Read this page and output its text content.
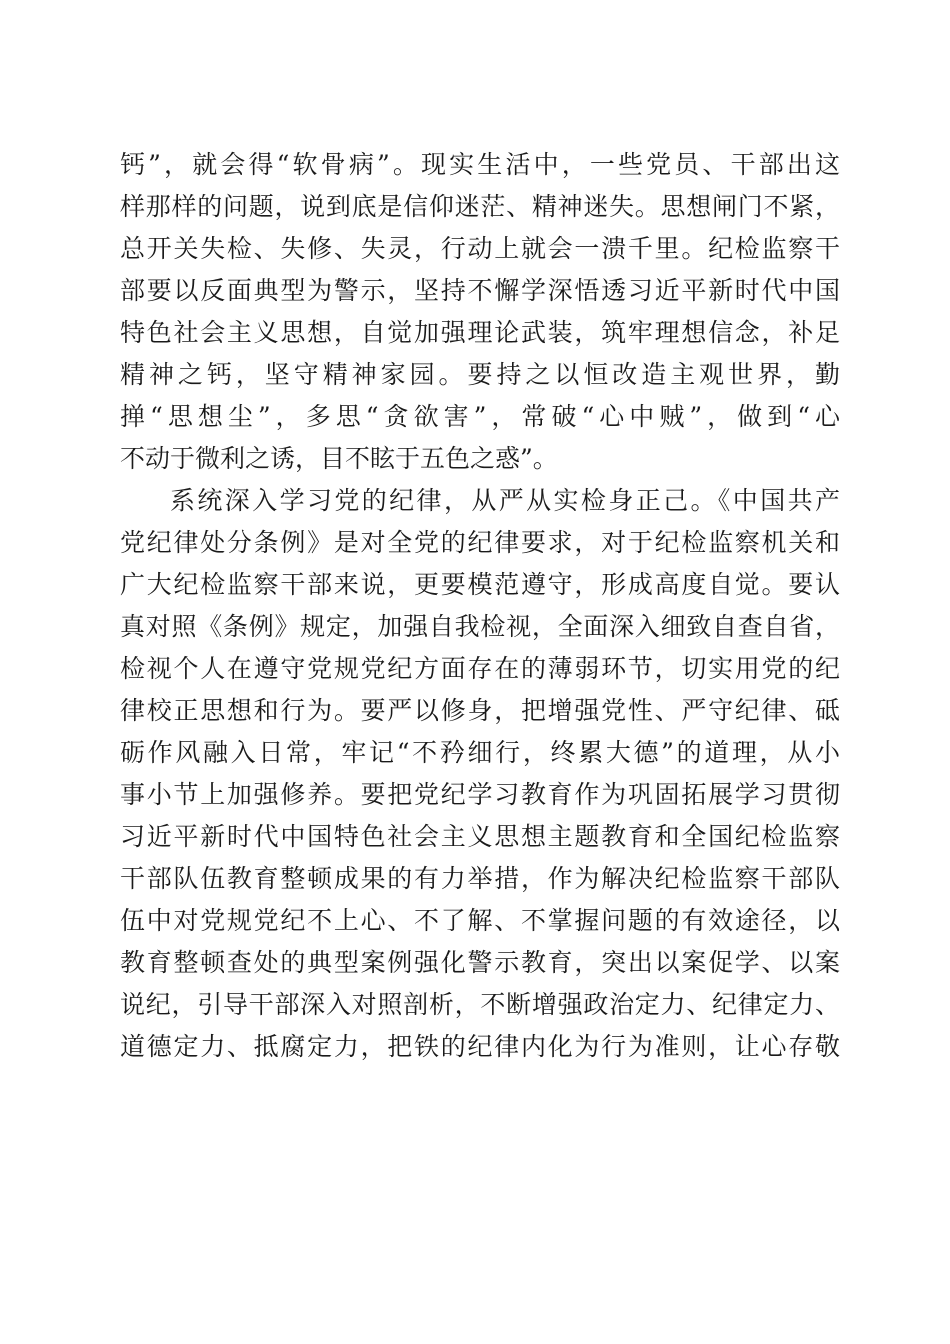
钙”，就会得“软骨病”。现实生活中，一些党员、干部出这
样那样的问题，说到底是信仰迷茫、精神迷失。思想闸门不紧，
总开关失检、失修、失灵，行动上就会一溃千里。纪检监察干
部要以反面典型为警示，坚持不懈学深悟透习近平新时代中国
特色社会主义思想，自觉加强理论武装，筑牢理想信念，补足
精神之钙，坚守精神家园。要持之以恒改造主观世界，勤
掸“思想尘”，多思“贪欲害”，常破“心中贼”，做到“心
不动于微利之诱，目不眩于五色之惑”。
系统深入学习党的纪律，从严从实检身正己。《中国共产
党纪律处分条例》是对全党的纪律要求，对于纪检监察机关和
广大纪检监察干部来说，更要模范遵守，形成高度自觉。要认
真对照《条例》规定，加强自我检视，全面深入细致自查自省，
检视个人在遵守党规党纪方面存在的薄弱环节，切实用党的纪
律校正思想和行为。要严以修身，把增强党性、严守纪律、砥
砺作风融入日常，牢记“不矜细行，终累大德”的道理，从小
事小节上加强修养。要把党纪学习教育作为巩固拓展学习贯彻
习近平新时代中国特色社会主义思想主题教育和全国纪检监察
干部队伍教育整顿成果的有力举措，作为解决纪检监察干部队
伍中对党规党纪不上心、不了解、不掌握问题的有效途径，以
教育整顿查处的典型案例强化警示教育，突出以案促学、以案
说纪，引导干部深入对照剖析，不断增强政治定力、纪律定力、
道德定力、抵腐定力，把铁的纪律内化为行为准则，让心存敬
